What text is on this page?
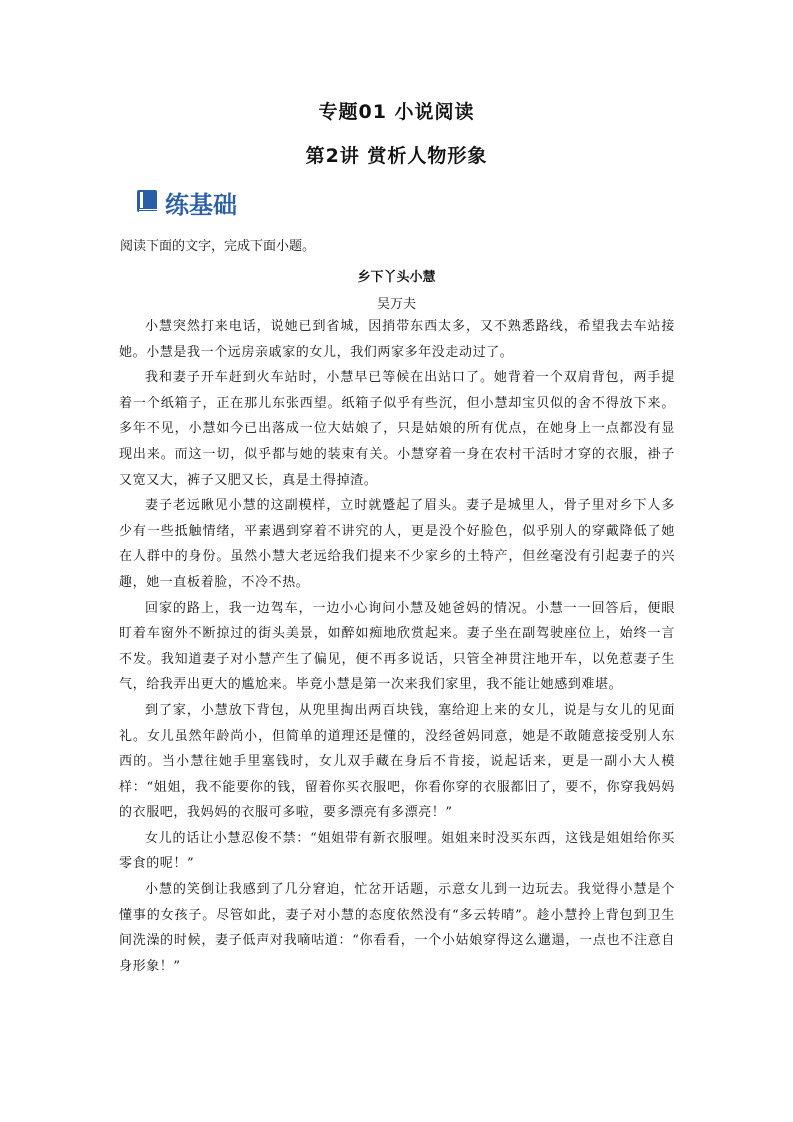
专题01 小说阅读
第2讲 赏析人物形象
练基础
阅读下面的文字，完成下面小题。
乡下丫头小慧
吴万夫

小慧突然打来电话，说她已到省城，因捎带东西太多，又不熟悉路线，希望我去车站接她。小慧是我一个远房亲戚家的女儿，我们两家多年没走动过了。

我和妻子开车赶到火车站时，小慧早已等候在出站口了。她背着一个双肩背包，两手提着一个纸箱子，正在那儿东张西望。纸箱子似乎有些沉，但小慧却宝贝似的舍不得放下来。多年不见，小慧如今已出落成一位大姑娘了，只是姑娘的所有优点，在她身上一点都没有显现出来。而这一切，似乎都与她的装束有关。小慧穿着一身在农村干活时才穿的衣服，褂子又宽又大，裤子又肥又长，真是土得掉渣。

妻子老远瞅见小慧的这副模样，立时就蹙起了眉头。妻子是城里人，骨子里对乡下人多少有一些抵触情绪，平素遇到穿着不讲究的人，更是没个好脸色，似乎别人的穿戴降低了她在人群中的身份。虽然小慧大老远给我们提来不少家乡的土特产，但丝毫没有引起妻子的兴趣，她一直板着脸，不冷不热。

回家的路上，我一边驾车，一边小心询问小慧及她爸妈的情况。小慧一一回答后，便眼盯着车窗外不断掠过的街头美景，如醉如痴地欣赏起来。妻子坐在副驾驶座位上，始终一言不发。我知道妻子对小慧产生了偏见，便不再多说话，只管全神贯注地开车，以免惹妻子生气，给我弄出更大的尴尬来。毕竟小慧是第一次来我们家里，我不能让她感到难堪。

到了家，小慧放下背包，从兜里掏出两百块钱，塞给迎上来的女儿，说是与女儿的见面礼。女儿虽然年龄尚小，但简单的道理还是懂的，没经爸妈同意，她是不敢随意接受别人东西的。当小慧往她手里塞钱时，女儿双手藏在身后不肯接，说起话来，更是一副小大人模样：“姐姐，我不能要你的钱，留着你买衣服吧，你看你穿的衣服都旧了，要不，你穿我妈妈的衣服吧，我妈妈的衣服可多啦，要多漂亮有多漂亮！”

女儿的话让小慧忍俊不禁：“姐姐带有新衣服哩。姐姐来时没买东西，这钱是姐姐给你买零食的呢！”

小慧的笑倒让我感到了几分窘迫，忙岔开话题，示意女儿到一边玩去。我觉得小慧是个懂事的女孩子。尽管如此，妻子对小慧的态度依然没有“多云转晴”。趁小慧拎上背包到卫生间洗澡的时候，妻子低声对我嘀咕道：“你看看，一个小姑娘穿得这么邋遢，一点也不注意自身形象！”
